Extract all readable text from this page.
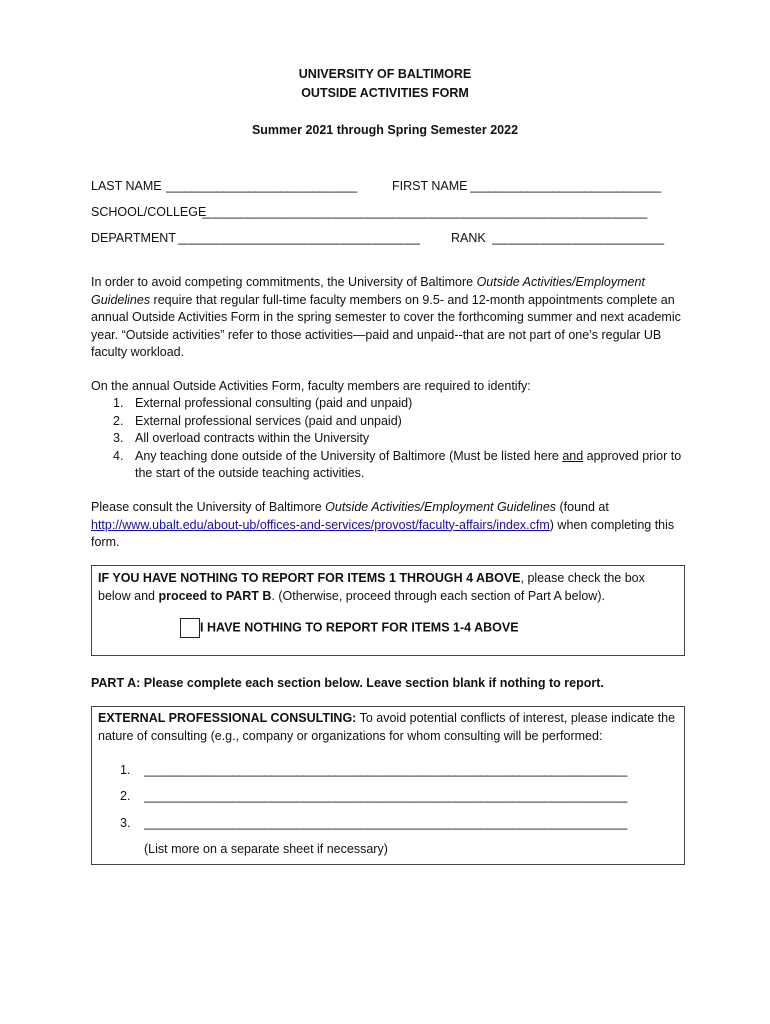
UNIVERSITY OF BALTIMORE
OUTSIDE ACTIVITIES FORM
Summer 2021 through Spring Semester 2022
LAST NAME ______________________________	FIRST NAME ______________________________
SCHOOL/COLLEGE
______________________________________________________________________
DEPARTMENT ______________________________________	RANK ___________________________
In order to avoid competing commitments, the University of Baltimore Outside Activities/Employment Guidelines require that regular full-time faculty members on 9.5- and 12-month appointments complete an annual Outside Activities Form in the spring semester to cover the forthcoming summer and next academic year. “Outside activities” refer to those activities—paid and unpaid--that are not part of one’s regular UB faculty workload.
On the annual Outside Activities Form, faculty members are required to identify:
1. External professional consulting (paid and unpaid)
2. External professional services (paid and unpaid)
3. All overload contracts within the University
4. Any teaching done outside of the University of Baltimore (Must be listed here and approved prior to the start of the outside teaching activities.
Please consult the University of Baltimore Outside Activities/Employment Guidelines (found at
http://www.ubalt.edu/about-ub/offices-and-services/provost/faculty-affairs/index.cfm) when completing this form.
IF YOU HAVE NOTHING TO REPORT FOR ITEMS 1 THROUGH 4 ABOVE, please check the box below and proceed to PART B. (Otherwise, proceed through each section of Part A below).
I HAVE NOTHING TO REPORT FOR ITEMS 1-4 ABOVE
PART A: Please complete each section below. Leave section blank if nothing to report.
EXTERNAL PROFESSIONAL CONSULTING: To avoid potential conflicts of interest, please indicate the nature of consulting (e.g., company or organizations for whom consulting will be performed:
1. ____________________________________________________________________________
2. ____________________________________________________________________________
3. ____________________________________________________________________________
(List more on a separate sheet if necessary)
